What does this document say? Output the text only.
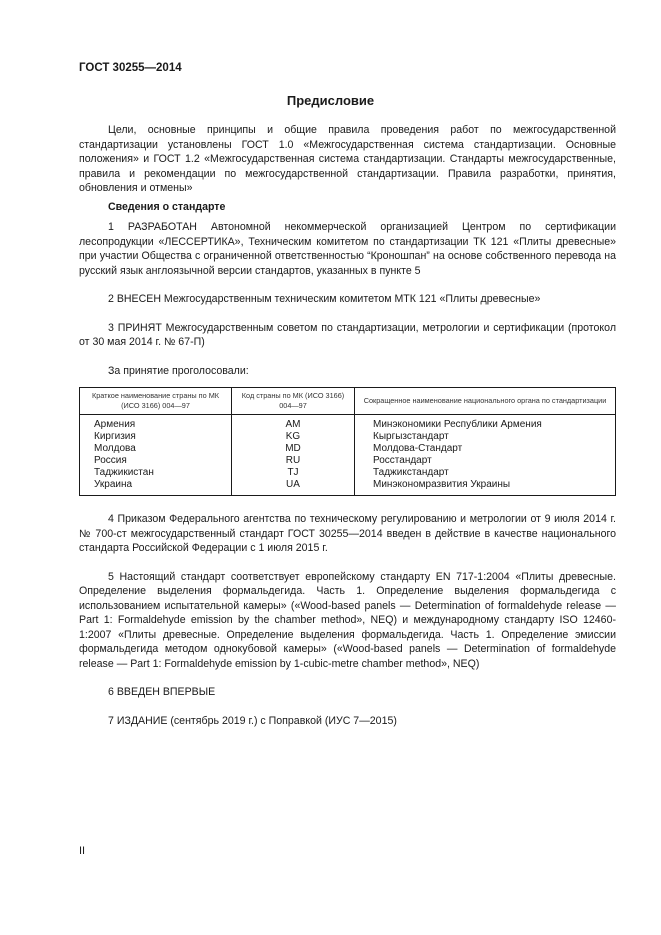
ГОСТ 30255—2014
Предисловие

Цели, основные принципы и общие правила проведения работ по межгосударственной стандартизации установлены ГОСТ 1.0 «Межгосударственная система стандартизации. Основные положения» и ГОСТ 1.2 «Межгосударственная система стандартизации. Стандарты межгосударственные, правила и рекомендации по межгосударственной стандартизации. Правила разработки, принятия, обновления и отмены»

Сведения о стандарте

1 РАЗРАБОТАН Автономной некоммерческой организацией Центром по сертификации лесопродукции «ЛЕССЕРТИКА», Техническим комитетом по стандартизации ТК 121 «Плиты древесные» при участии Общества с ограниченной ответственностью “Кроношпан” на основе собственного перевода на русский язык англоязычной версии стандартов, указанных в пункте 5

2 ВНЕСЕН Межгосударственным техническим комитетом МТК 121 «Плиты древесные»

3 ПРИНЯТ Межгосударственным советом по стандартизации, метрологии и сертификации (протокол от 30 мая 2014 г. № 67-П)

За принятие проголосовали:

Краткое наименование страны по МК (ИСО 3166) 004—97	Код страны по МК (ИСО 3166) 004—97	Сокращенное наименование национального органа по стандартизации
Армения	AM	Минэкономики Республики Армения
Киргизия	KG	Кыргызстандарт
Молдова	MD	Молдова-Стандарт
Россия	RU	Росстандарт
Таджикистан	TJ	Таджикстандарт
Украина	UA	Минэкономразвития Украины

4 Приказом Федерального агентства по техническому регулированию и метрологии от 9 июля 2014 г. № 700-ст межгосударственный стандарт ГОСТ 30255—2014 введен в действие в качестве национального стандарта Российской Федерации с 1 июля 2015 г.

5 Настоящий стандарт соответствует европейскому стандарту EN 717-1:2004 «Плиты древесные. Определение выделения формальдегида. Часть 1. Определение выделения формальдегида с использованием испытательной камеры» («Wood-based panels — Determination of formaldehyde release — Part 1: Formaldehyde emission by the chamber method», NEQ) и международному стандарту ISO 12460-1:2007 «Плиты древесные. Определение выделения формальдегида. Часть 1. Определение эмиссии формальдегида методом однокубовой камеры» («Wood-based panels — Determination of formaldehyde release — Part 1: Formaldehyde emission by 1-cubic-metre chamber method», NEQ)

6 ВВЕДЕН ВПЕРВЫЕ

7 ИЗДАНИЕ (сентябрь 2019 г.) с Поправкой (ИУС 7—2015)

II
